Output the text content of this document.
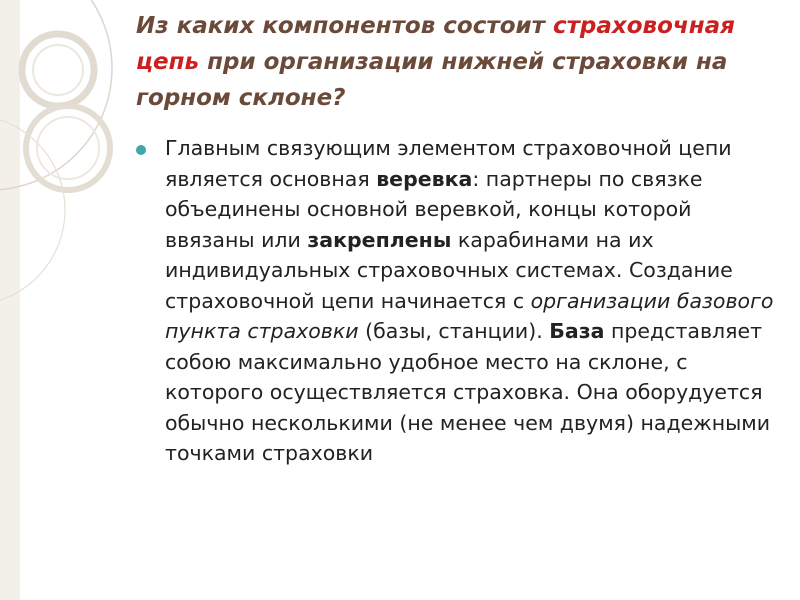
Из каких компонентов состоит страховочная цепь при организации нижней страховки на горном склоне?

Главным связующим элементом страховочной цепи является основная веревка: партнеры по связке объединены основной веревкой, концы которой ввязаны или закреплены карабинами на их индивидуальных страховочных системах. Создание страховочной цепи начинается с организации базового пункта страховки (базы, станции). База представляет собою максимально удобное место на склоне, с которого осуществляется страховка. Она оборудуется обычно несколькими (не менее чем двумя) надежными точками страховки
